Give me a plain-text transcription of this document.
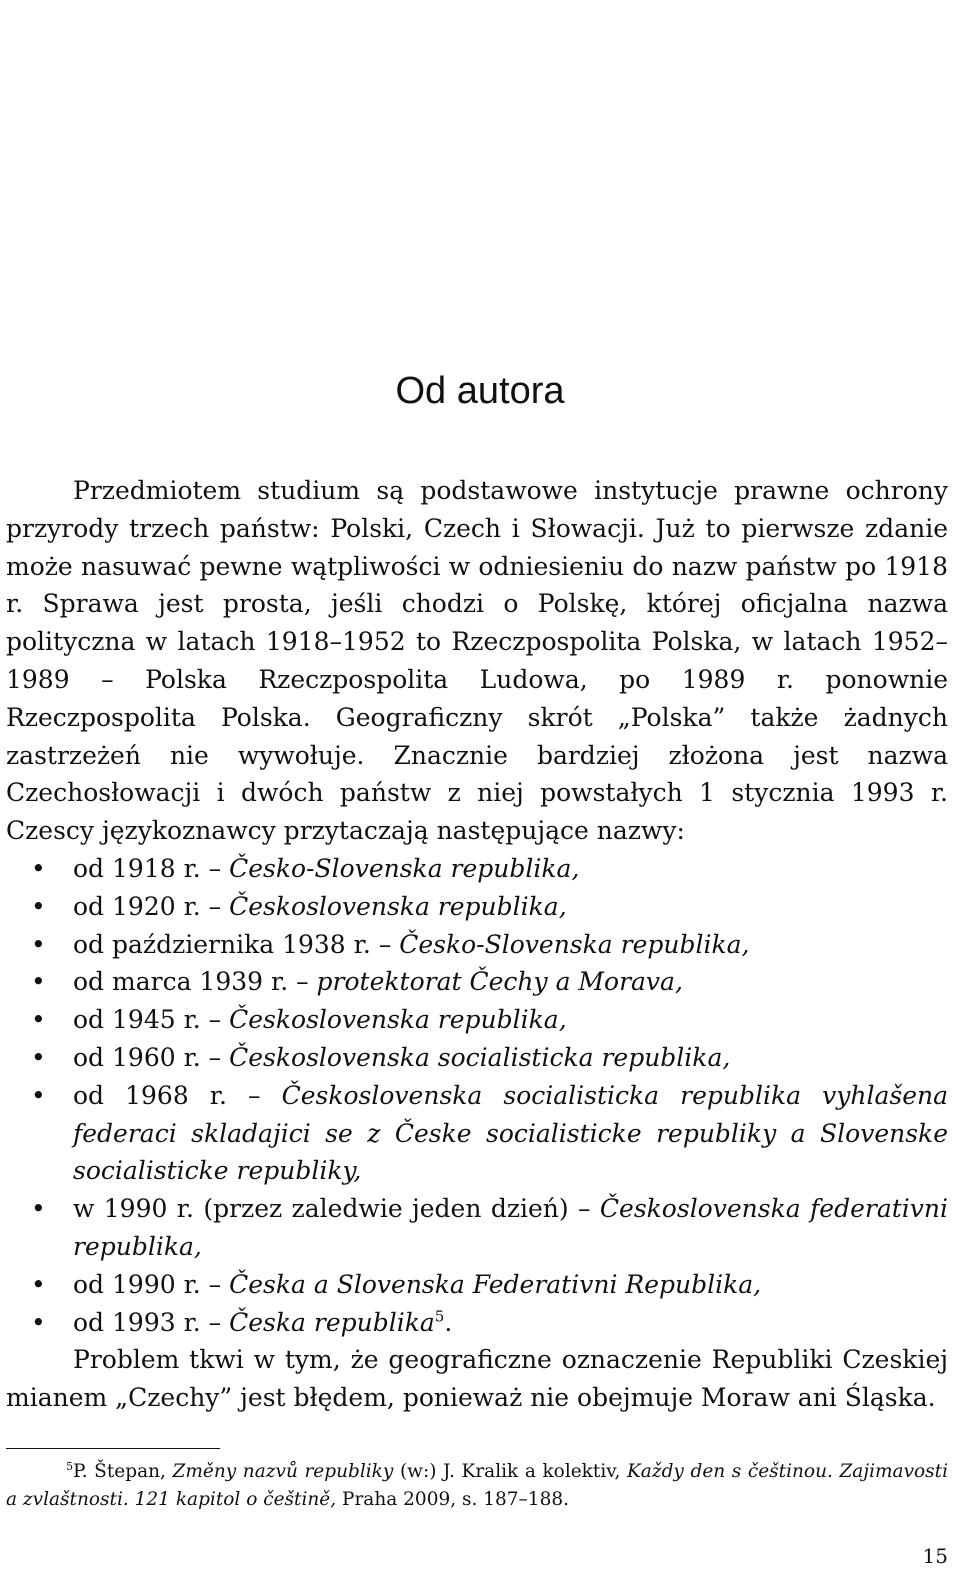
Od autora

Przedmiotem studium są podstawowe instytucje prawne ochrony przyrody trzech państw: Polski, Czech i Słowacji. Już to pierwsze zdanie może nasuwać pewne wątpliwości w odniesieniu do nazw państw po 1918 r. Sprawa jest prosta, jeśli chodzi o Polskę, której oficjalna nazwa polityczna w latach 1918–1952 to Rzeczpospolita Polska, w latach 1952–1989 – Polska Rzeczpospolita Ludowa, po 1989 r. ponownie Rzeczpospolita Polska. Geograficzny skrót „Polska” także żadnych zastrzeżeń nie wywołuje. Znacznie bardziej złożona jest nazwa Czechosłowacji i dwóch państw z niej powstałych 1 stycznia 1993 r. Czescy językoznawcy przytaczają następujące nazwy:

• od 1918 r. – Česko-Slovenska republika,
• od 1920 r. – Československa republika,
• od października 1938 r. – Česko-Slovenska republika,
• od marca 1939 r. – protektorat Čechy a Morava,
• od 1945 r. – Československa republika,
• od 1960 r. – Československa socialisticka republika,
• od 1968 r. – Československa socialisticka republika vyhlašena federaci skladajici se z Česke socialisticke republiky a Slovenske socialisticke republiky,
• w 1990 r. (przez zaledwie jeden dzień) – Československa federativni republika,
• od 1990 r. – Česka a Slovenska Federativni Republika,
• od 1993 r. – Česka republika$^5$.

Problem tkwi w tym, że geograficzne oznaczenie Republiki Czeskiej mianem „Czechy” jest błędem, ponieważ nie obejmuje Moraw ani Śląska.

$^5$P. Štepan, Změny nazvů republiky (w:) J. Kralik a kolektiv, Každy den s češtinou. Zajimavosti a zvlaštnosti. 121 kapitol o češtině, Praha 2009, s. 187–188.
15
